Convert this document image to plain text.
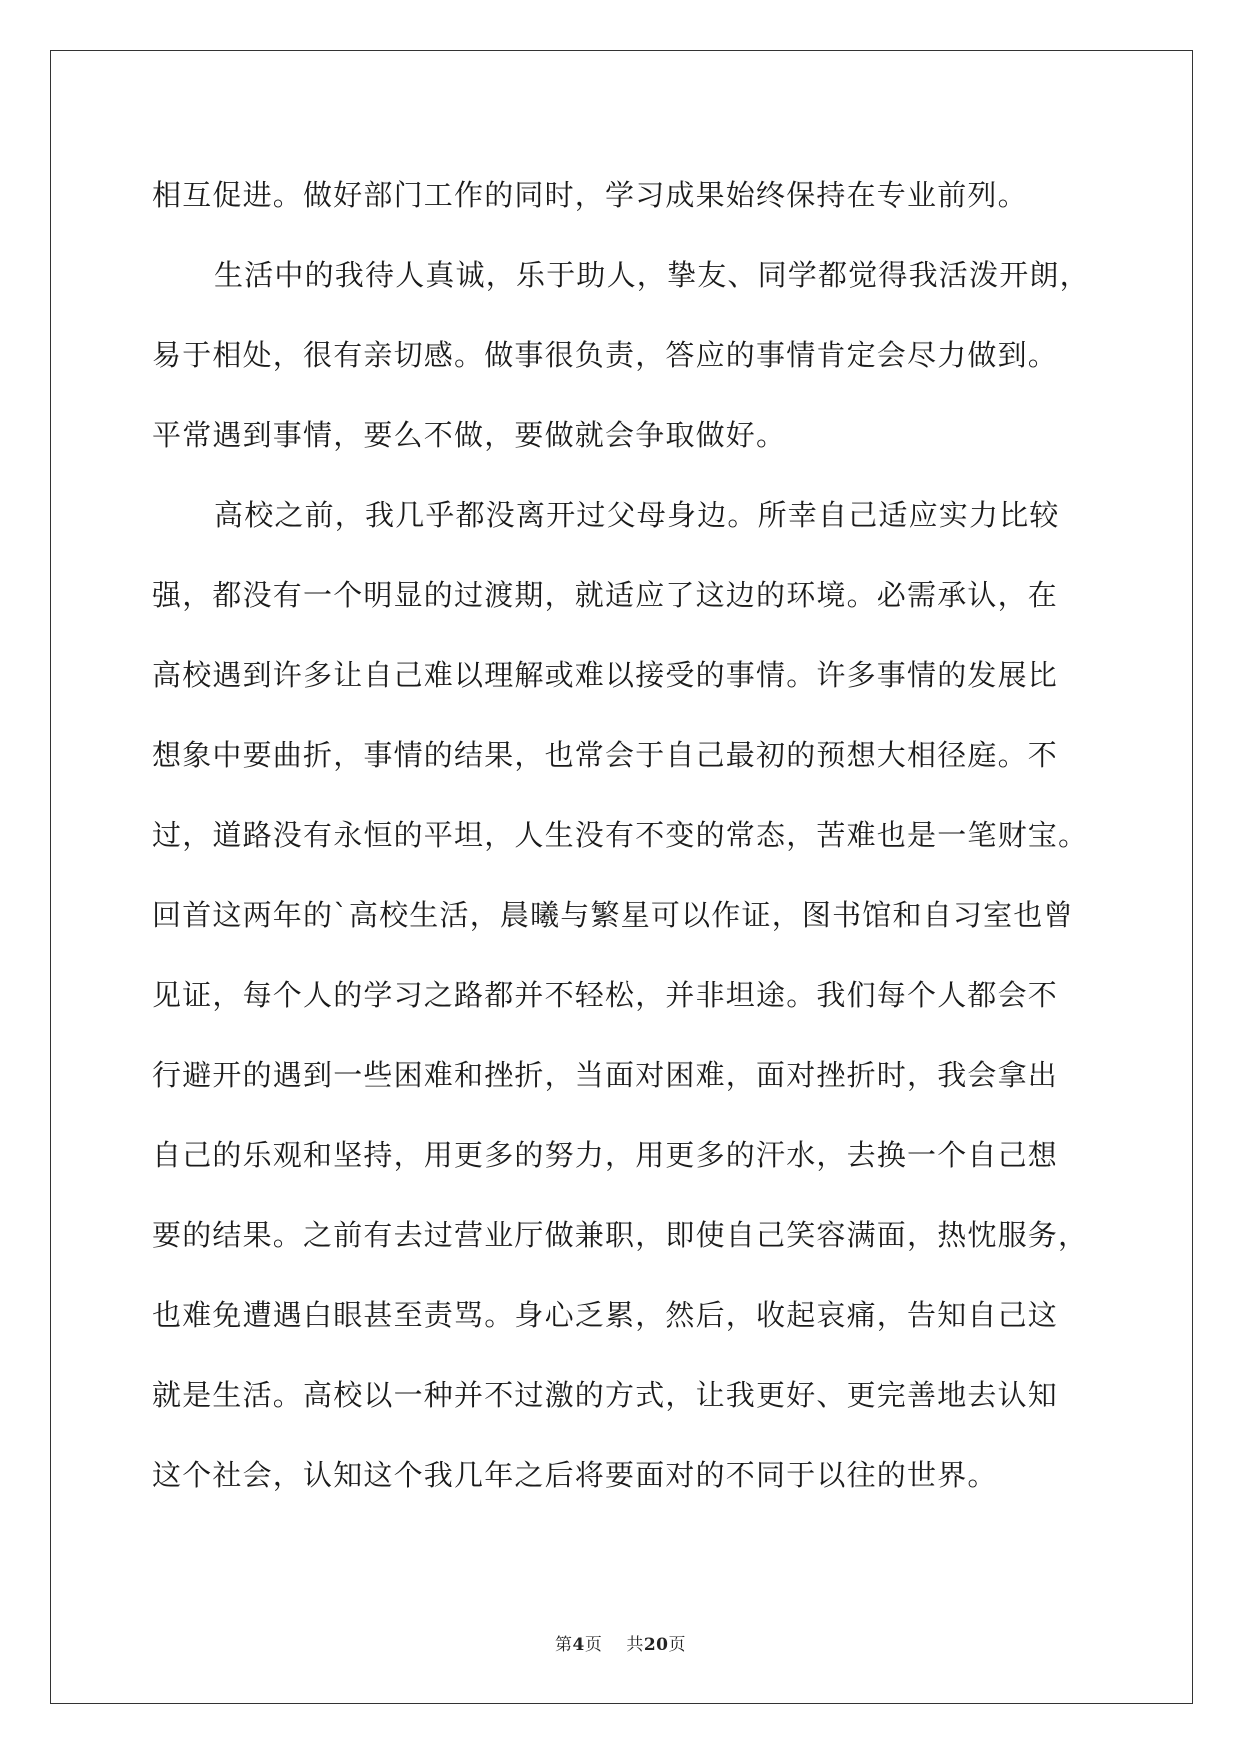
相互促进。做好部门工作的同时，学习成果始终保持在专业前列。
生活中的我待人真诚，乐于助人，挚友、同学都觉得我活泼开朗，
易于相处，很有亲切感。做事很负责，答应的事情肯定会尽力做到。
平常遇到事情，要么不做，要做就会争取做好。
高校之前，我几乎都没离开过父母身边。所幸自己适应实力比较
强，都没有一个明显的过渡期，就适应了这边的环境。必需承认，在
高校遇到许多让自己难以理解或难以接受的事情。许多事情的发展比
想象中要曲折，事情的结果，也常会于自己最初的预想大相径庭。不
过，道路没有永恒的平坦，人生没有不变的常态，苦难也是一笔财宝。
回首这两年的`高校生活，晨曦与繁星可以作证，图书馆和自习室也曾
见证，每个人的学习之路都并不轻松，并非坦途。我们每个人都会不
行避开的遇到一些困难和挫折，当面对困难，面对挫折时，我会拿出
自己的乐观和坚持，用更多的努力，用更多的汗水，去换一个自己想
要的结果。之前有去过营业厅做兼职，即使自己笑容满面，热忱服务，
也难免遭遇白眼甚至责骂。身心乏累，然后，收起哀痛，告知自己这
就是生活。高校以一种并不过激的方式，让我更好、更完善地去认知
这个社会，认知这个我几年之后将要面对的不同于以往的世界。
第4页 共20页
